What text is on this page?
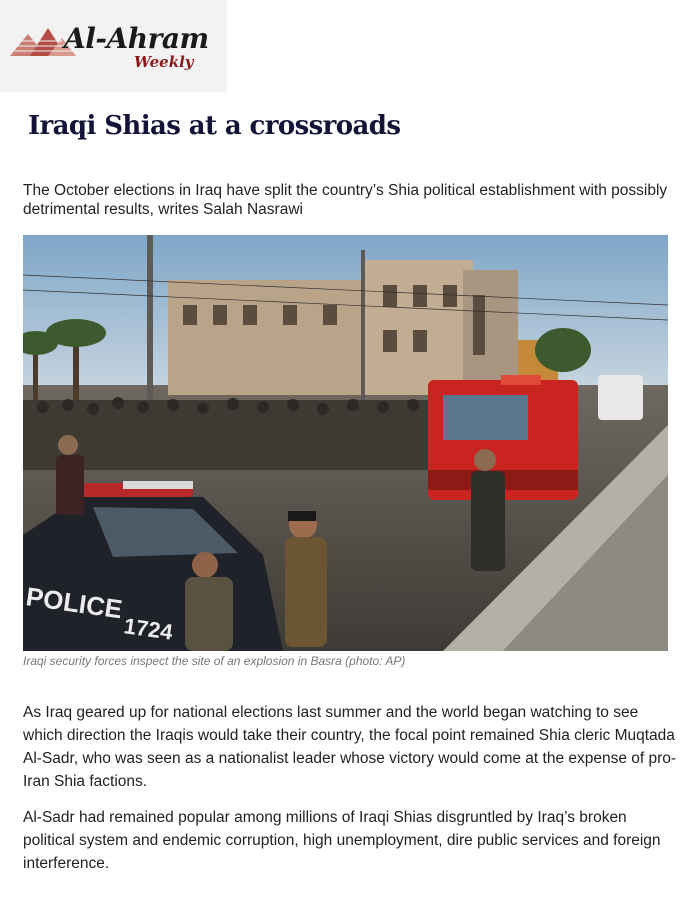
Al-Ahram
Weekly
Iraqi Shias at a crossroads

The October elections in Iraq have split the country’s Shia political establishment with possibly detrimental results, writes Salah Nasrawi

POLICE
1724

Iraqi security forces inspect the site of an explosion in Basra (photo: AP)

As Iraq geared up for national elections last summer and the world began watching to see which direction the Iraqis would take their country, the focal point remained Shia cleric Muqtada Al-Sadr, who was seen as a nationalist leader whose victory would come at the expense of pro-Iran Shia factions.

Al-Sadr had remained popular among millions of Iraqi Shias disgruntled by Iraq’s broken political system and endemic corruption, high unemployment, dire public services and foreign interference.
